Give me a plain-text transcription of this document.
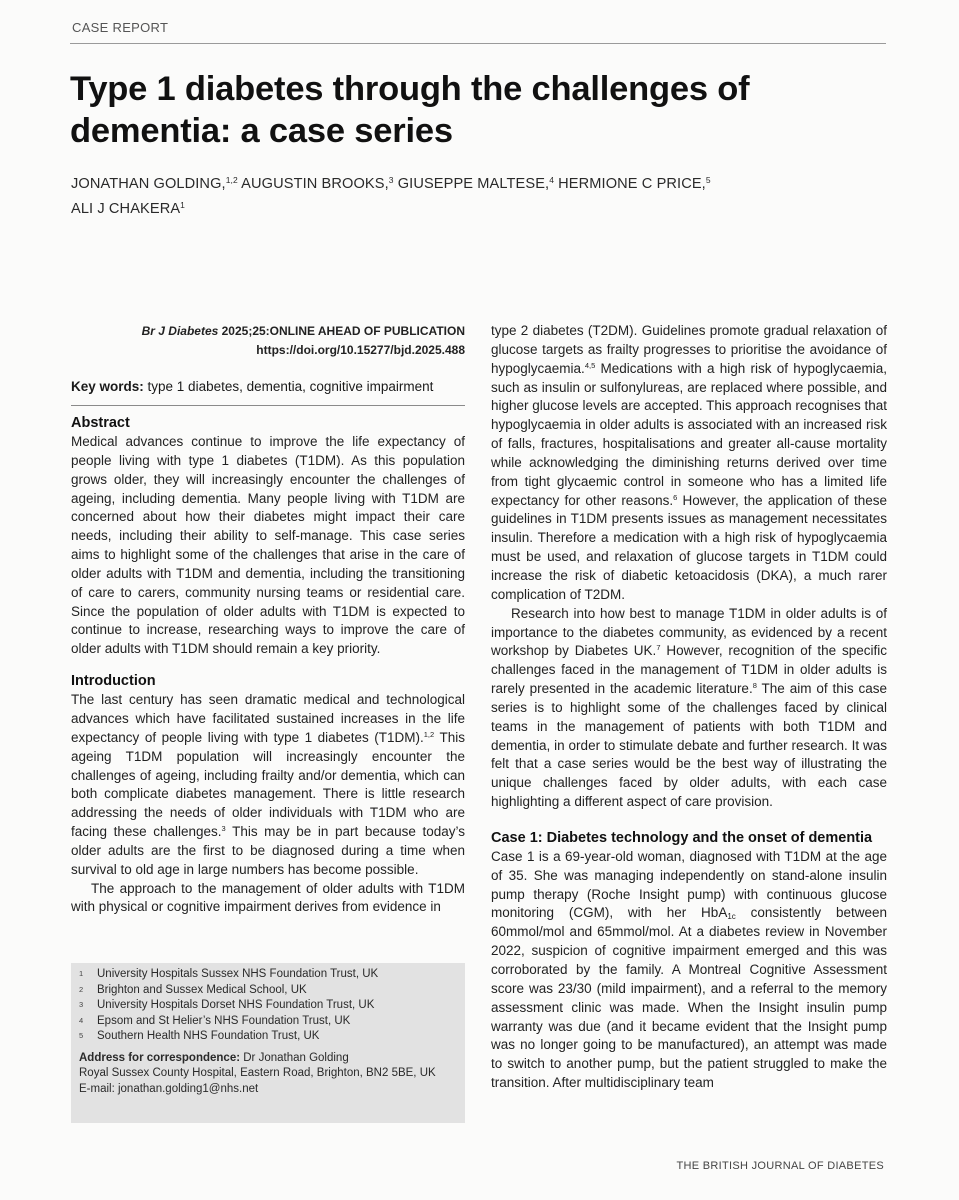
CASE REPORT
Type 1 diabetes through the challenges of dementia: a case series
JONATHAN GOLDING,$^{1,2}$ AUGUSTIN BROOKS,$^3$ GIUSEPPE MALTESE,$^4$ HERMIONE C PRICE,$^5$
ALI J CHAKERA$^1$
Br J Diabetes 2025;25:ONLINE AHEAD OF PUBLICATION
https://doi.org/10.15277/bjd.2025.488
Key words: type 1 diabetes, dementia, cognitive impairment
Abstract

Medical advances continue to improve the life expectancy of people living with type 1 diabetes (T1DM). As this population grows older, they will increasingly encounter the challenges of ageing, including dementia. Many people living with T1DM are concerned about how their diabetes might impact their care needs, including their ability to self-manage. This case series aims to highlight some of the challenges that arise in the care of older adults with T1DM and dementia, including the transitioning of care to carers, community nursing teams or residential care. Since the population of older adults with T1DM is expected to continue to increase, researching ways to improve the care of older adults with T1DM should remain a key priority.

Introduction

The last century has seen dramatic medical and technological advances which have facilitated sustained increases in the life expectancy of people living with type 1 diabetes (T1DM).$^{1,2}$ This ageing T1DM population will increasingly encounter the challenges of ageing, including frailty and/or dementia, which can both complicate diabetes management. There is little research addressing the needs of older individuals with T1DM who are facing these challenges.$^3$ This may be in part because today’s older adults are the first to be diagnosed during a time when survival to old age in large numbers has become possible.

The approach to the management of older adults with T1DM with physical or cognitive impairment derives from evidence in

type 2 diabetes (T2DM). Guidelines promote gradual relaxation of glucose targets as frailty progresses to prioritise the avoidance of hypoglycaemia.$^{4,5}$ Medications with a high risk of hypoglycaemia, such as insulin or sulfonylureas, are replaced where possible, and higher glucose levels are accepted. This approach recognises that hypoglycaemia in older adults is associated with an increased risk of falls, fractures, hospitalisations and greater all-cause mortality while acknowledging the diminishing returns derived over time from tight glycaemic control in someone who has a limited life expectancy for other reasons.$^6$ However, the application of these guidelines in T1DM presents issues as management necessitates insulin. Therefore a medication with a high risk of hypoglycaemia must be used, and relaxation of glucose targets in T1DM could increase the risk of diabetic ketoacidosis (DKA), a much rarer complication of T2DM.

Research into how best to manage T1DM in older adults is of importance to the diabetes community, as evidenced by a recent workshop by Diabetes UK.$^7$ However, recognition of the specific challenges faced in the management of T1DM in older adults is rarely presented in the academic literature.$^8$ The aim of this case series is to highlight some of the challenges faced by clinical teams in the management of patients with both T1DM and dementia, in order to stimulate debate and further research. It was felt that a case series would be the best way of illustrating the unique challenges faced by older adults, with each case highlighting a different aspect of care provision.

Case 1: Diabetes technology and the onset of dementia

Case 1 is a 69-year-old woman, diagnosed with T1DM at the age of 35. She was managing independently on stand-alone insulin pump therapy (Roche Insight pump) with continuous glucose monitoring (CGM), with her HbA$_{1c}$ consistently between 60mmol/mol and 65mmol/mol. At a diabetes review in November 2022, suspicion of cognitive impairment emerged and this was corroborated by the family. A Montreal Cognitive Assessment score was 23/30 (mild impairment), and a referral to the memory assessment clinic was made. When the Insight insulin pump warranty was due (and it became evident that the Insight pump was no longer going to be manufactured), an attempt was made to switch to another pump, but the patient struggled to make the transition. After multidisciplinary team

1	University Hospitals Sussex NHS Foundation Trust, UK
2	Brighton and Sussex Medical School, UK
3	University Hospitals Dorset NHS Foundation Trust, UK
4	Epsom and St Helier’s NHS Foundation Trust, UK
5	Southern Health NHS Foundation Trust, UK
Address for correspondence: Dr Jonathan Golding
Royal Sussex County Hospital, Eastern Road, Brighton, BN2 5BE, UK
E-mail: jonathan.golding1@nhs.net
THE BRITISH JOURNAL OF DIABETES
